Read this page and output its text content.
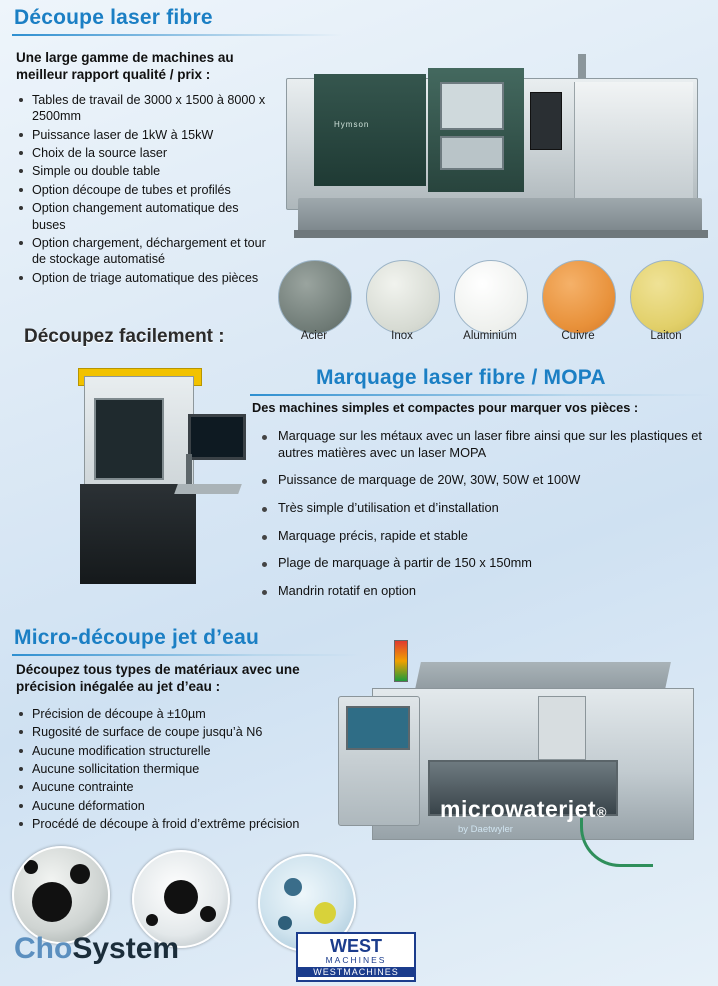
Découpe laser fibre
Une large gamme de machines au meilleur rapport qualité / prix :
Tables de travail de 3000 x 1500 à 8000 x 2500mm
Puissance laser de 1kW à 15kW
Choix de la source laser
Simple ou double table
Option découpe de tubes et profilés
Option changement automatique des buses
Option chargement, déchargement et tour de stockage automatisé
Option de triage automatique des pièces
Hymson
Acier	Inox	Aluminium	Cuivre	Laiton
Découpez facilement :
Marquage laser fibre / MOPA
Des machines simples et compactes pour marquer vos pièces :
Marquage sur les métaux avec un laser fibre ainsi que sur les plastiques et autres matières avec un laser MOPA
Puissance de marquage de 20W, 30W, 50W et 100W
Très simple d’utilisation et d’installation
Marquage précis, rapide et stable
Plage de marquage à partir de 150 x 150mm
Mandrin rotatif en option
Micro-découpe jet d’eau
Découpez tous types de matériaux avec une précision inégalée au jet d’eau :
Précision de découpe à ±10µm
Rugosité de surface de coupe jusqu’à N6
Aucune modification structurelle
Aucune sollicitation thermique
Aucune contrainte
Aucune déformation
Procédé de découpe à froid d’extrême précision
microwaterjet®
by Daetwyler
ChoSystem	WEST
MACHINES
WESTMACHINES
